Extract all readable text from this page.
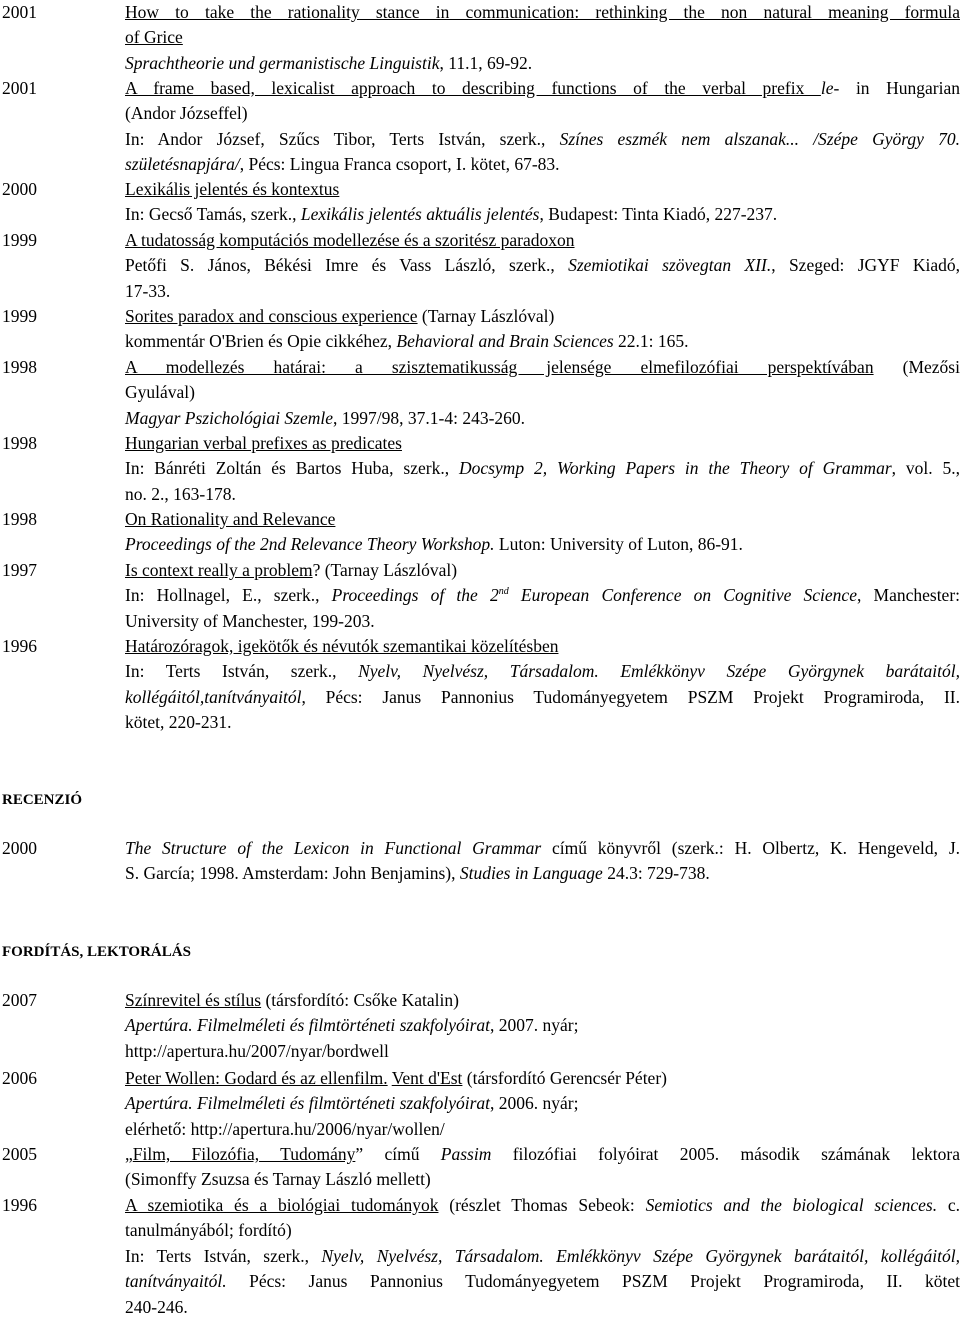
2001	How to take the rationality stance in communication: rethinking the non natural meaning formula
of Grice
Sprachtheorie und germanistische Linguistik, 11.1, 69-92.
2001	A frame based, lexicalist approach to describing functions of the verbal prefix le- in Hungarian
(Andor Józseffel)
In: Andor József, Szűcs Tibor, Terts István, szerk., Színes eszmék nem alszanak... /Szépe György 70.
születésnapjára/, Pécs: Lingua Franca csoport, I. kötet, 67-83.
2000	Lexikális jelentés és kontextus
In: Gecső Tamás, szerk., Lexikális jelentés aktuális jelentés, Budapest: Tinta Kiadó, 227-237.
1999	A tudatosság komputációs modellezése és a szoritész paradoxon
Petőfi S. János, Békési Imre és Vass László, szerk., Szemiotikai szövegtan XII., Szeged: JGYF Kiadó,
17-33.
1999	Sorites paradox and conscious experience (Tarnay Lászlóval)
kommentár O'Brien és Opie cikkéhez, Behavioral and Brain Sciences 22.1: 165.
1998	A modellezés határai: a szisztematikusság jelensége elmefilozófiai perspektívában (Mezősi
Gyulával)
Magyar Pszichológiai Szemle, 1997/98, 37.1-4: 243-260.
1998	Hungarian verbal prefixes as predicates
In: Bánréti Zoltán és Bartos Huba, szerk., Docsymp 2, Working Papers in the Theory of Grammar, vol. 5.,
no. 2., 163-178.
1998	On Rationality and Relevance
Proceedings of the 2nd Relevance Theory Workshop. Luton: University of Luton, 86-91.
1997	Is context really a problem? (Tarnay Lászlóval)
In: Hollnagel, E., szerk., Proceedings of the 2nd European Conference on Cognitive Science, Manchester:
University of Manchester, 199-203.
1996	Határozóragok, igekötők és névutók szemantikai közelítésben
In: Terts István, szerk., Nyelv, Nyelvész, Társadalom. Emlékkönyv Szépe Györgynek barátaitól,
kollégáitól,tanítványaitól, Pécs: Janus Pannonius Tudományegyetem PSZM Projekt Programiroda, II.
kötet, 220-231.
RECENZIÓ
2000	The Structure of the Lexicon in Functional Grammar című könyvről (szerk.: H. Olbertz, K. Hengeveld, J.
S. García; 1998. Amsterdam: John Benjamins), Studies in Language 24.3: 729-738.
FORDÍTÁS, LEKTORÁLÁS
2007	Színrevitel és stílus (társfordító: Csőke Katalin)
Apertúra. Filmelméleti és filmtörténeti szakfolyóirat, 2007. nyár;
http://apertura.hu/2007/nyar/bordwell
2006	Peter Wollen: Godard és az ellenfilm. Vent d'Est (társfordító Gerencsér Péter)
Apertúra. Filmelméleti és filmtörténeti szakfolyóirat, 2006. nyár;
elérhető: http://apertura.hu/2006/nyar/wollen/
2005	„Film, Filozófia, Tudomány” című Passim filozófiai folyóirat 2005. második számának lektora
(Simonffy Zsuzsa és Tarnay László mellett)
1996	A szemiotika és a biológiai tudományok (részlet Thomas Sebeok: Semiotics and the biological sciences. c.
tanulmányából; fordító)
In: Terts István, szerk., Nyelv, Nyelvész, Társadalom. Emlékkönyv Szépe Györgynek barátaitól, kollégáitól,
tanítványaitól. Pécs: Janus Pannonius Tudományegyetem PSZM Projekt Programiroda, II. kötet
240-246.
